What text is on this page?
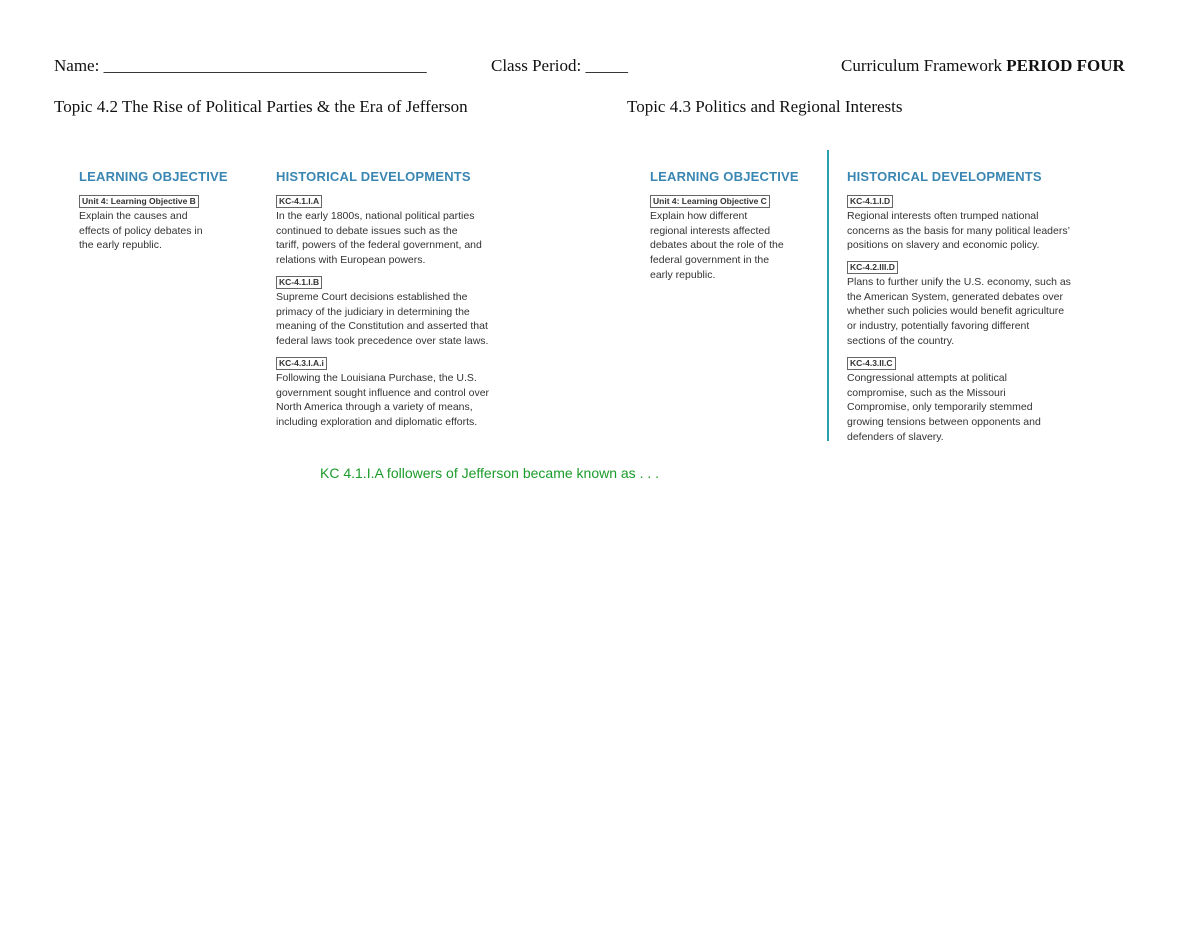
Name: ______________________________________	Class Period: _____	Curriculum Framework PERIOD FOUR
Topic 4.2 The Rise of Political Parties & the Era of Jefferson	Topic 4.3 Politics and Regional Interests
LEARNING OBJECTIVE
Unit 4: Learning Objective B
Explain the causes and
effects of policy debates in
the early republic.
HISTORICAL DEVELOPMENTS
KC-4.1.I.A
In the early 1800s, national political parties
continued to debate issues such as the
tariff, powers of the federal government, and
relations with European powers.
KC-4.1.I.B
Supreme Court decisions established the
primacy of the judiciary in determining the
meaning of the Constitution and asserted that
federal laws took precedence over state laws.
KC-4.3.I.A.i
Following the Louisiana Purchase, the U.S.
government sought influence and control over
North America through a variety of means,
including exploration and diplomatic efforts.
LEARNING OBJECTIVE
Unit 4: Learning Objective C
Explain how different
regional interests affected
debates about the role of the
federal government in the
early republic.
HISTORICAL DEVELOPMENTS
KC-4.1.I.D
Regional interests often trumped national
concerns as the basis for many political leaders’
positions on slavery and economic policy.
KC-4.2.III.D
Plans to further unify the U.S. economy, such as
the American System, generated debates over
whether such policies would benefit agriculture
or industry, potentially favoring different
sections of the country.
KC-4.3.II.C
Congressional attempts at political
compromise, such as the Missouri
Compromise, only temporarily stemmed
growing tensions between opponents and
defenders of slavery.
KC 4.1.I.A followers of Jefferson became known as . . .
